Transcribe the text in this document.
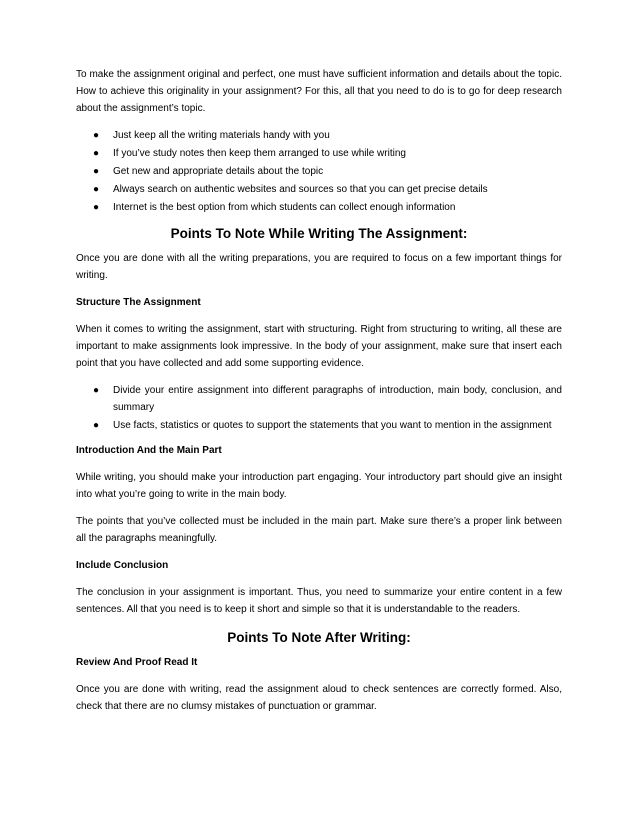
To make the assignment original and perfect, one must have sufficient information and details about the topic. How to achieve this originality in your assignment? For this, all that you need to do is to go for deep research about the assignment’s topic.

● Just keep all the writing materials handy with you
● If you’ve study notes then keep them arranged to use while writing
● Get new and appropriate details about the topic
● Always search on authentic websites and sources so that you can get precise details
● Internet is the best option from which students can collect enough information
Points To Note While Writing The Assignment:

Once you are done with all the writing preparations, you are required to focus on a few important things for writing.

Structure The Assignment

When it comes to writing the assignment, start with structuring. Right from structuring to writing, all these are important to make assignments look impressive. In the body of your assignment, make sure that insert each point that you have collected and add some supporting evidence.

● Divide your entire assignment into different paragraphs of introduction, main body, conclusion, and summary
● Use facts, statistics or quotes to support the statements that you want to mention in the assignment
Introduction And the Main Part

While writing, you should make your introduction part engaging. Your introductory part should give an insight into what you’re going to write in the main body.

The points that you’ve collected must be included in the main part. Make sure there’s a proper link between all the paragraphs meaningfully.

Include Conclusion

The conclusion in your assignment is important. Thus, you need to summarize your entire content in a few sentences. All that you need is to keep it short and simple so that it is understandable to the readers.

Points To Note After Writing:
Review And Proof Read It

Once you are done with writing, read the assignment aloud to check sentences are correctly formed. Also, check that there are no clumsy mistakes of punctuation or grammar.
